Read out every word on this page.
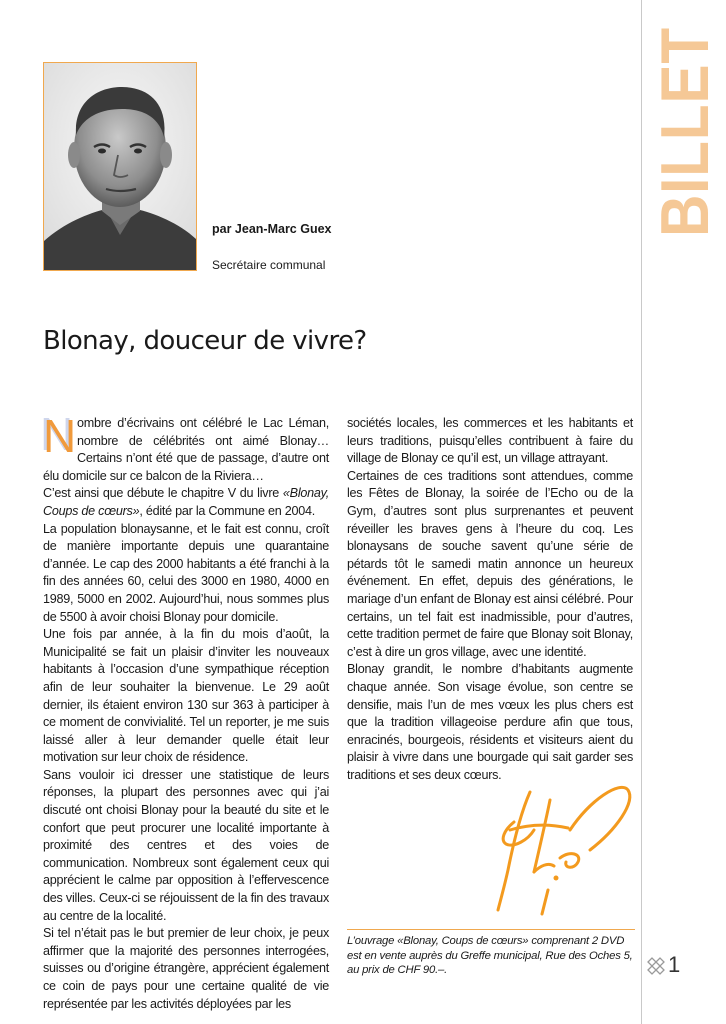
BILLET
par Jean-Marc Guex
Secrétaire communal
Blonay, douceur de vivre?

Nombre d’écrivains ont célébré le Lac Léman, nombre de célébrités ont aimé Blonay… Certains n’ont été que de passage, d’autre ont élu domicile sur ce balcon de la Riviera…

C’est ainsi que débute le chapitre V du livre «Blonay, Coups de cœurs», édité par la Commune en 2004.

La population blonaysanne, et le fait est connu, croît de manière importante depuis une quarantaine d’année. Le cap des 2000 habitants a été franchi à la fin des années 60, celui des 3000 en 1980, 4000 en 1989, 5000 en 2002. Aujourd’hui, nous sommes plus de 5500 à avoir choisi Blonay pour domicile.

Une fois par année, à la fin du mois d’août, la Municipalité se fait un plaisir d’inviter les nouveaux habitants à l’occasion d’une sympathique réception afin de leur souhaiter la bienvenue. Le 29 août dernier, ils étaient environ 130 sur 363 à participer à ce moment de convivialité. Tel un reporter, je me suis laissé aller à leur demander quelle était leur motivation sur leur choix de résidence.

Sans vouloir ici dresser une statistique de leurs réponses, la plupart des personnes avec qui j’ai discuté ont choisi Blonay pour la beauté du site et le confort que peut procurer une localité importante à proximité des centres et des voies de communication. Nombreux sont également ceux qui apprécient le calme par opposition à l’effervescence des villes. Ceux-ci se réjouissent de la fin des travaux au centre de la localité.

Si tel n’était pas le but premier de leur choix, je peux affirmer que la majorité des personnes interrogées, suisses ou d’origine étrangère, apprécient également ce coin de pays pour une certaine qualité de vie représentée par les activités déployées par les

sociétés locales, les commerces et les habitants et leurs traditions, puisqu’elles contribuent à faire du village de Blonay ce qu’il est, un village attrayant.

Certaines de ces traditions sont attendues, comme les Fêtes de Blonay, la soirée de l’Echo ou de la Gym, d’autres sont plus surprenantes et peuvent réveiller les braves gens à l’heure du coq. Les blonaysans de souche savent qu’une série de pétards tôt le samedi matin annonce un heureux événement. En effet, depuis des générations, le mariage d’un enfant de Blonay est ainsi célébré. Pour certains, un tel fait est inadmissible, pour d’autres, cette tradition permet de faire que Blonay soit Blonay, c’est à dire un gros village, avec une identité.

Blonay grandit, le nombre d’habitants augmente chaque année. Son visage évolue, son centre se densifie, mais l’un de mes vœux les plus chers est que la tradition villageoise perdure afin que tous, enracinés, bourgeois, résidents et visiteurs aient du plaisir à vivre dans une bourgade qui sait garder ses traditions et ses deux cœurs.

L’ouvrage «Blonay, Coups de cœurs» comprenant 2 DVD est en vente auprès du Greffe municipal, Rue des Oches 5, au prix de CHF 90.–.	1
